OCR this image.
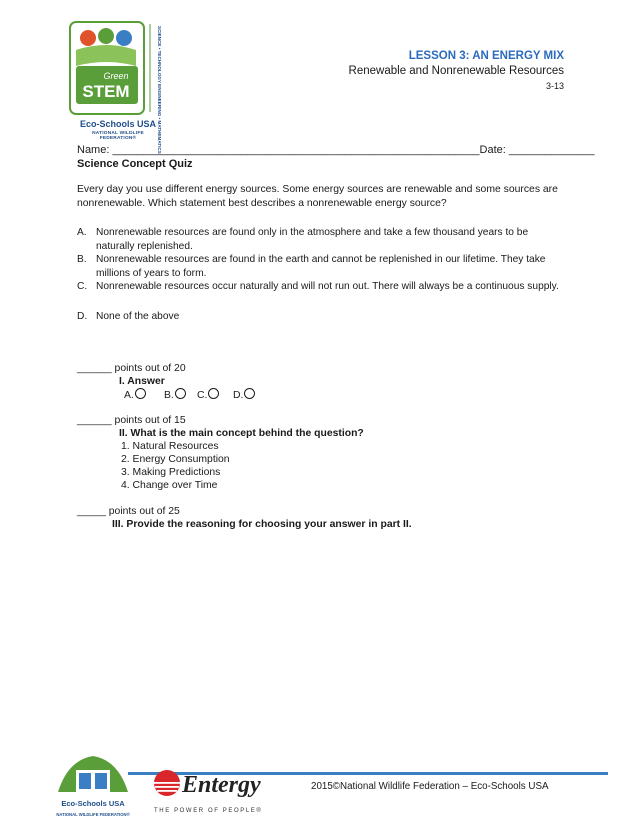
Green
STEM	SCIENCE • TECHNOLOGY ENGINEERING • MATHEMATICS
Eco-Schools USA
NATIONAL WILDLIFE FEDERATION®
LESSON 3: AN ENERGY MIX
Renewable and Nonrenewable Resources
3-13
Name: ____________________________________________________________Date: ______________
Science Concept Quiz
Every day you use different energy sources. Some energy sources are renewable and some sources are nonrenewable. Which statement best describes a nonrenewable energy source?
A. Nonrenewable resources are found only in the atmosphere and take a few thousand years to be naturally replenished.
B. Nonrenewable resources are found in the earth and cannot be replenished in our lifetime. They take millions of years to form.
C. Nonrenewable resources occur naturally and will not run out. There will always be a continuous supply.
D. None of the above
______ points out of 20
I. Answer
A.	B.	C.	D.
______ points out of 15
II. What is the main concept behind the question?
1. Natural Resources
2. Energy Consumption
3. Making Predictions
4. Change over Time
_____ points out of 25
III. Provide the reasoning for choosing your answer in part II.
2015©National Wildlife Federation – Eco-Schools USA
Eco-Schools USA
NATIONAL WILDLIFE FEDERATION®
Entergy
THE POWER OF PEOPLE®
